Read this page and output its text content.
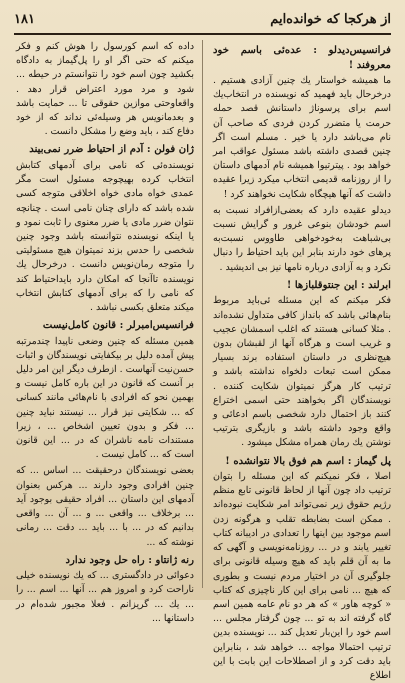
از هرکجا که خوانده‌ایم
۱۸۱
فرانسیس‌دیدلو : عده‌ئی باسم خود معروفند !
ما همیشه خواستار یك چنین آزادی هستیم . درخرحال باید فهمید که نویسنده در انتخاب‌یك اسم برای پرسوناژ داستانش قصد حمله حرمت یا متضرر کردن فردی که صاحب آن نام می‌باشد دارد یا خیر . مسلم است اگر چنین قصدی داشته باشد مسئول عواقب امر خواهد بود . پیترتیوا همیشه نام آدمهای داستان را از روزنامه قدیمی انتخاب میکرد زیرا عقیده داشت که آنها هیچگاه شکایت نخواهند کرد !
دیدلو عقیده دارد که بعضی‌ازافراد نسبت به اسم خودشان بنوعی غرور و گرایش نسبت بی‌شباهت به‌خودخواهی طاووس نسبت‌به پرهای خود دارند بنابر این باید احتیاط را دنبال نکرد و به آزادی درباره نامها نیز بی اندیشید .
ابرلند : این جنتوقلبازها !
فکر میکنم که این مسئله ئی‌باید مربوط بنام‌هائی باشد که بانداز کافی متداول نشده‌اند . مثلا کسانی هستند که اغلب اسمشان عجیب و غریب است و هرگاه آنها از لقبشان بدون هیچ‌نظری در داستان استفاده برند بسیار ممکن است تبعات دلخواه نداشته باشد و ترتیب کار هرگز نمیتوان شکایت کننده . نویسندگان اگر بخواهند حتی اسمی اختراع کنند باز احتمال دارد شخصی باسم ادعائی و واقع وجود داشته باشد و بازیگری بترتیب نوشتن یك رمان همراه مشکل میشود .
پل گیماز : اسم هم فوق بالا نتوانشده !
اصلا ، فکر نمیکنم که این مسئله را بتوان ترتیب داد چون آنها از لحاظ قانونی تابع منظم رژیم حقوق زیر نمی‌تواند امر شکایت نبوده‌اند . ممکن است بضابطه تقلب و هرگونه زدن اسم موجود بین اینها را تعدادی در ادیبانه کتاب تغییر یابند و در ... روزنامه‌نویسی و آگهی که ما به آن قلم باید که هیچ وسیله قانونی برای جلوگیری آن در اختیار مردم نیست و بطوری که هیچ ... نامی برای این کار ناچیزی که کتاب « کوچه هاور » که هر دو نام عامه همین اسم گاه گرفته اند به تو ... چون گرفتار مجلس ... اسم خود را این‌بار تعدیل کند ... نویسنده بدین ترتیب احتمالا مواجه ... خواهد شد ، بنابراین باید دقت کرد و از اصطلاحات این بابت با این اطلاع
داده که اسم کورسول را هوش کنم و فکر میکنم که حتی اگر او را پل‌گیماز به دادگاه بکشید چون اسم خود را نتوانستم در حیطه ... شود و مرد مورد اعتراض قرار دهد . واقعاوحتی موازین حقوقی تا ... حمایت باشد و بعدمانویس هر وسیله‌ئی نداند که از خود دفاع کند ، باید وضع را مشکل دانست .
ژان فولن : آدم از احتیاط ضرر نمی‌بیند
نویسنده‌ئی که نامی برای آدمهای کتابش انتخاب کرده بهیچوجه مسئول است مگر عمدی خواه مادی خواه اخلاقی متوجه کسی شده باشد که دارای چنان نامی است . چنانچه نتوان ضرر مادی یا ضرر معنوی را ثابت نمود و یا اینکه نویسنده نتوانسته باشد وجود چنین شخصی را حدس بزند نمیتوان هیچ مسئولیتی را متوجه رمان‌نویس دانست . درخرحال یك نویسنده تاآنجا که امکان دارد باید‌احتیاط کند که نامی را که برای آدمهای کتابش انتخاب میکند متعلق بکسی نباشد .
فرانسیس‌امبرلر : قانون کامل‌نیست
همین مسئله که چنین وضعی ناپیدا چندمرتبه پیش آمده دلیل بر بیکفایتی نویسندگان و اثبات حسن‌نیت آنهاست . ازطرف دیگر این امر دلیل بر آنست که قانون در این باره کامل نیست و بهمین نحو که افرادی با نام‌هائی مانند کسانی که ... شکایتی نیز قرار ... نیستند نباید چنین ... فکر و بدون تعیین اشخاص ... ، زیرا مستندات نامه ناشران که در ... این قانون است که ... کامل نیست .
بعضی نویسندگان درحقیقت ... اساس ... که چنین افرادی وجود دارند ... هرکس بعنوان آدمهای این داستان ... افراد حقیقی بوجود آید ... برخلاف ... واقعی ... و ... آن ... واقعی بدانیم که در ... با ... باید ... دقت ... رمانی نوشته که ...
رنه ژانتاو : راه حل وجود ندارد
دعوائی در دادگستری ... که یك نویسنده خیلی ناراحت کرد و امروز هم ... آنها ... اسم ... را ... یك ... گریزانم . فعلا مجبور شده‌ام در داستانها ...
